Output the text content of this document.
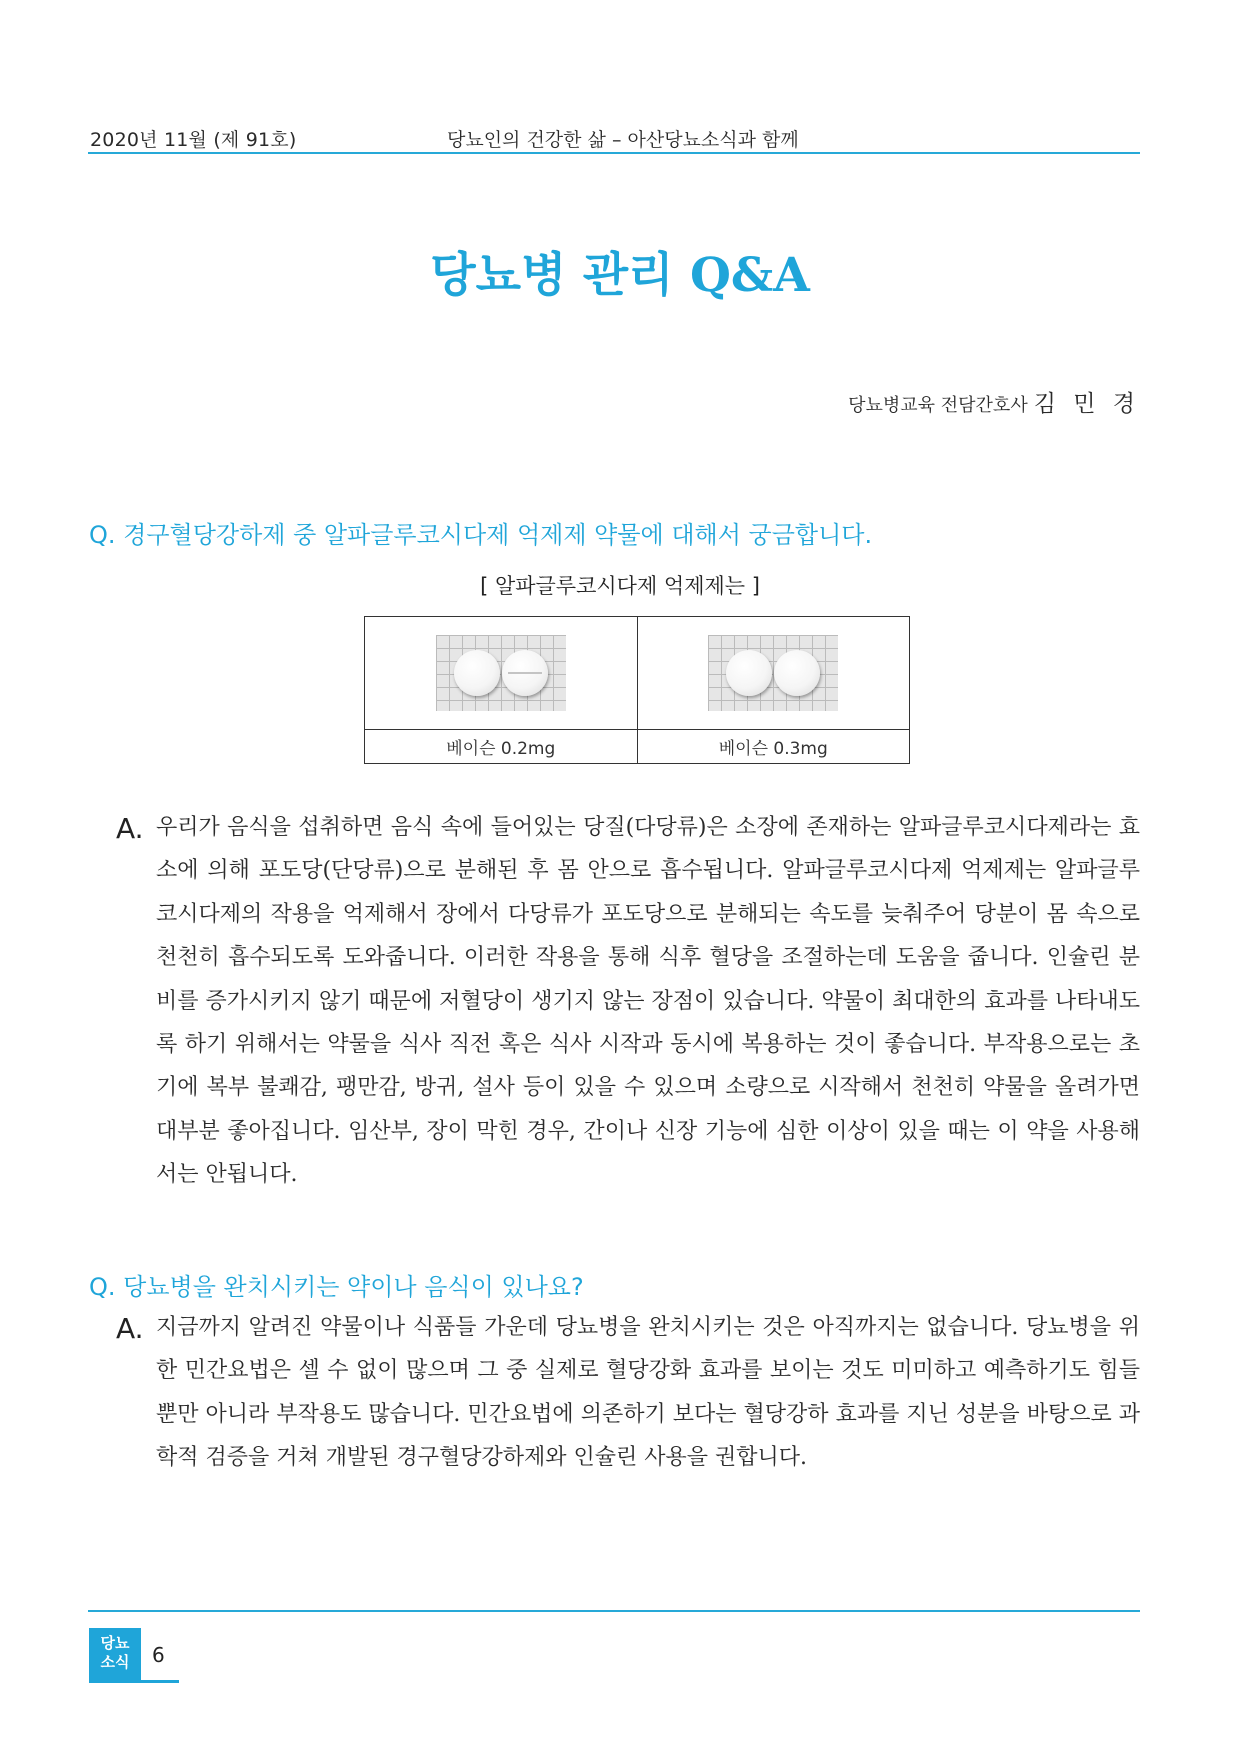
2020년 11월 (제 91호)	당뇨인의 건강한 삶 – 아산당뇨소식과 함께
당뇨병 관리 Q&A
당뇨병교육 전담간호사 김 민 경
Q. 경구혈당강하제 중 알파글루코시다제 억제제 약물에 대해서 궁금합니다.
[ 알파글루코시다제 억제제는 ]

베이슨 0.2mg	베이슨 0.3mg
A. 우리가 음식을 섭취하면 음식 속에 들어있는 당질(다당류)은 소장에 존재하는 알파글루코시다제라는 효소에 의해 포도당(단당류)으로 분해된 후 몸 안으로 흡수됩니다. 알파글루코시다제 억제제는 알파글루코시다제의 작용을 억제해서 장에서 다당류가 포도당으로 분해되는 속도를 늦춰주어 당분이 몸 속으로 천천히 흡수되도록 도와줍니다. 이러한 작용을 통해 식후 혈당을 조절하는데 도움을 줍니다. 인슐린 분비를 증가시키지 않기 때문에 저혈당이 생기지 않는 장점이 있습니다. 약물이 최대한의 효과를 나타내도록 하기 위해서는 약물을 식사 직전 혹은 식사 시작과 동시에 복용하는 것이 좋습니다. 부작용으로는 초기에 복부 불쾌감, 팽만감, 방귀, 설사 등이 있을 수 있으며 소량으로 시작해서 천천히 약물을 올려가면 대부분 좋아집니다. 임산부, 장이 막힌 경우, 간이나 신장 기능에 심한 이상이 있을 때는 이 약을 사용해서는 안됩니다.
Q. 당뇨병을 완치시키는 약이나 음식이 있나요?
A. 지금까지 알려진 약물이나 식품들 가운데 당뇨병을 완치시키는 것은 아직까지는 없습니다. 당뇨병을 위한 민간요법은 셀 수 없이 많으며 그 중 실제로 혈당강화 효과를 보이는 것도 미미하고 예측하기도 힘들 뿐만 아니라 부작용도 많습니다. 민간요법에 의존하기 보다는 혈당강하 효과를 지닌 성분을 바탕으로 과학적 검증을 거쳐 개발된 경구혈당강하제와 인슐린 사용을 권합니다.
당뇨
소식	6
